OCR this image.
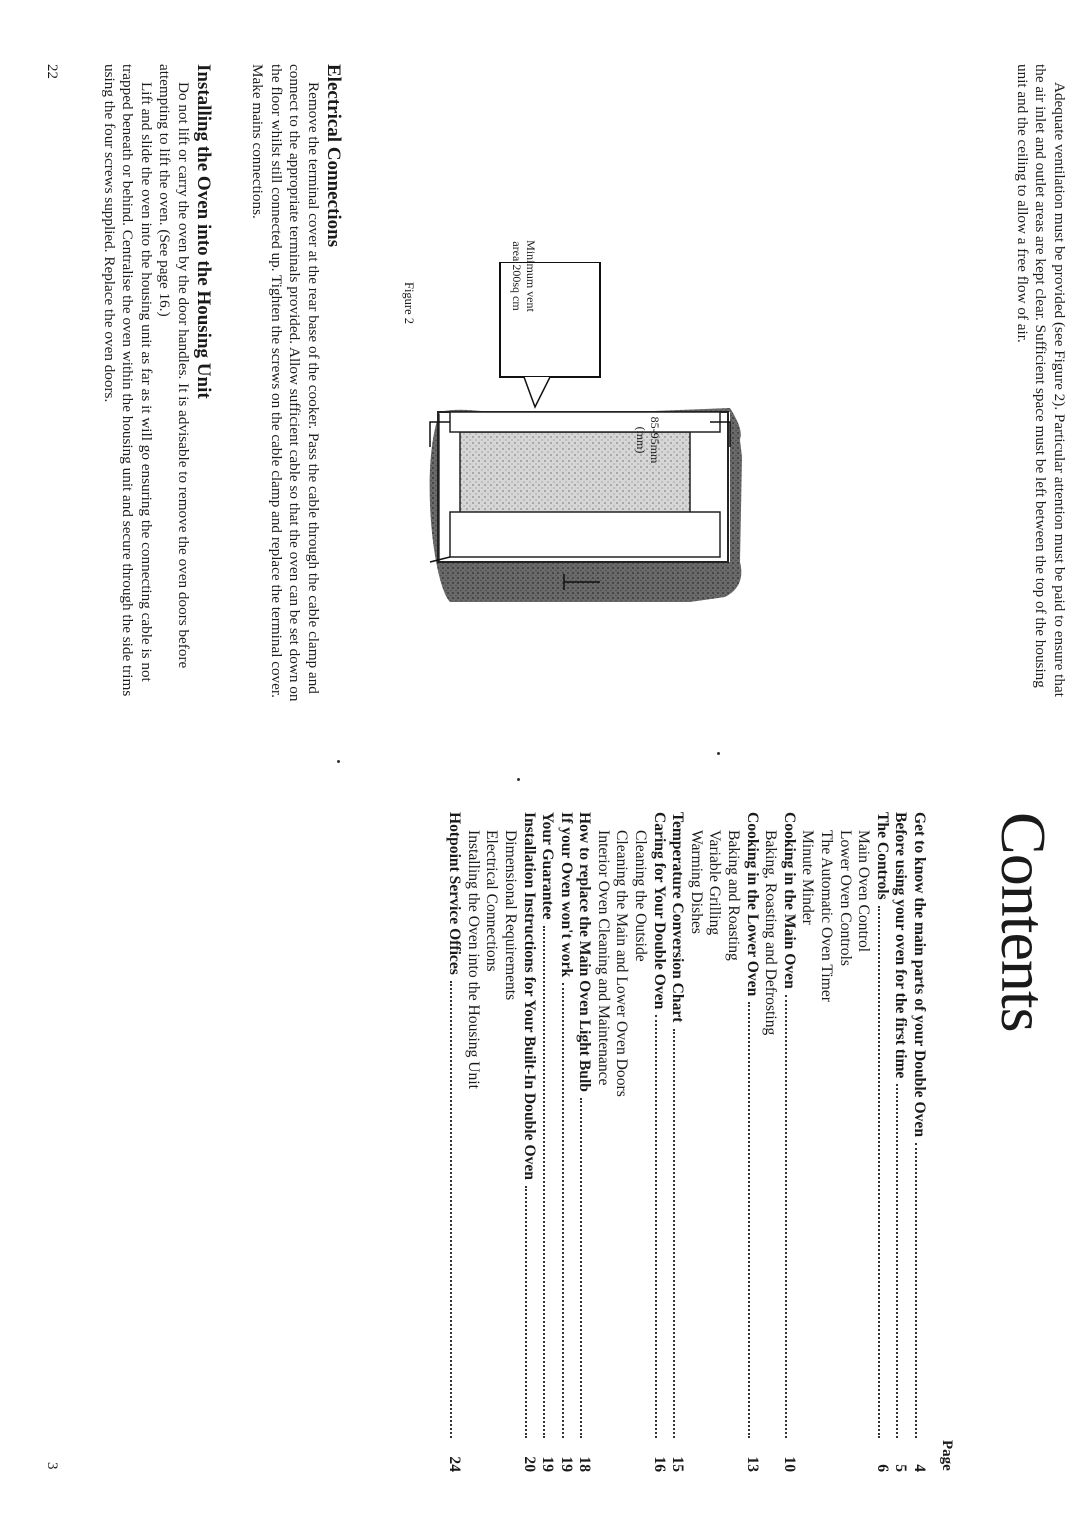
Adequate ventilation must be provided (see Figure 2). Particular attention must be paid to ensure that the air inlet and outlet areas are kept clear. Sufficient space must be left between the top of the housing unit and the ceiling to allow a free flow of air.

Minimum vent
area 200sq cm
85-95mm
(mm)
Figure 2
Electrical Connections

Remove the terminal cover at the rear base of the cooker. Pass the cable through the cable clamp and connect to the appropriate terminals provided. Allow sufficient cable so that the oven can be set down on the floor whilst still connected up. Tighten the screws on the cable clamp and replace the terminal cover. Make mains connections.

Installing the Oven into the Housing Unit

Do not lift or carry the oven by the door handles. It is advisable to remove the oven doors before attempting to lift the oven. (See page 16.)

Lift and slide the oven into the housing unit as far as it will go ensuring the connecting cable is not trapped beneath or behind. Centralise the oven within the housing unit and secure through the side trims using the four screws supplied. Replace the oven doors.

22
Contents
Page
Get to know the main parts of your Double Oven
4
Before using your oven for the first time
5
The Controls
6
Main Oven Control
Lower Oven Controls
The Automatic Oven Timer
Minute Minder
Cooking in the Main Oven
10
Baking, Roasting and Defrosting
Cooking in the Lower Oven
13
Baking and Roasting
Variable Grilling
Warming Dishes
Temperature Conversion Chart
15
Caring for Your Double Oven
16
Cleaning the Outside
Cleaning the Main and Lower Oven Doors
Interior Oven Cleaning and Maintenance
How to replace the Main Oven Light Bulb
18
If your Oven won't work
19
Your Guarantee
19
Installation Instructions for Your Built-In Double Oven
20
Dimensional Requirements
Electrical Connections
Installing the Oven into the Housing Unit
Hotpoint Service Offices
24
3
